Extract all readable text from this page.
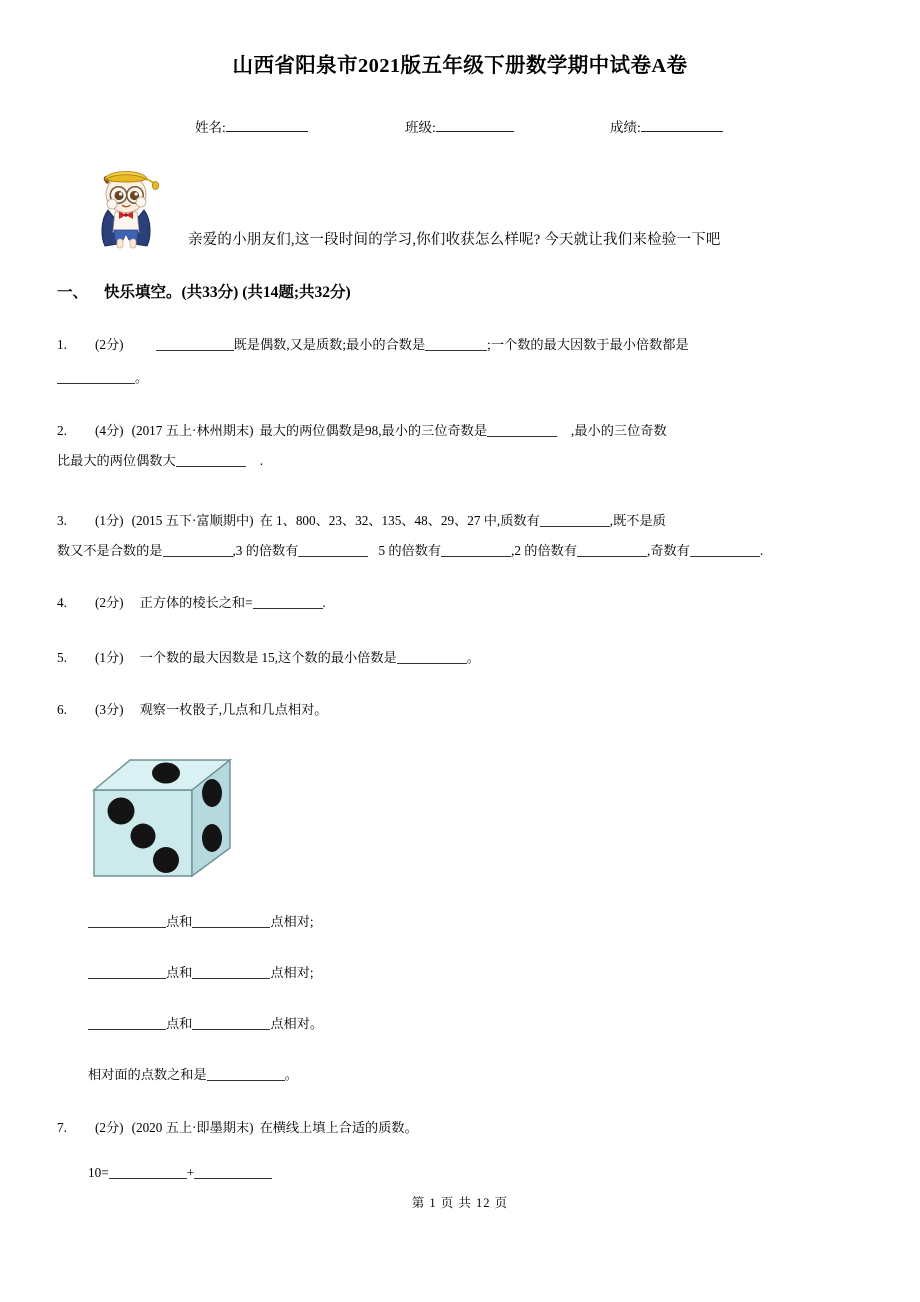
山西省阳泉市2021版五年级下册数学期中试卷A卷
姓名:	班级:	成绩:
亲爱的小朋友们,这一段时间的学习,你们收获怎么样呢? 今天就让我们来检验一下吧
一、 快乐填空。(共33分) (共14题;共32分)
1. (2分)	既是偶数,又是质数;最小的合数是	;一个数的最大因数于最小倍数都是
。
2. (4分) (2017 五上·林州期末) 最大的两位偶数是98,最小的三位奇数是	,最小的三位奇数
比最大的两位偶数大	.
3. (1分) (2015 五下·富顺期中) 在 1、800、23、32、135、48、29、27 中,质数有	,既不是质
数又不是合数的是	,3 的倍数有	5 的倍数有	,2 的倍数有	,奇数有	.
4. (2分) 正方体的棱长之和=	.
5. (1分) 一个数的最大因数是 15,这个数的最小倍数是	。
6. (3分) 观察一枚骰子,几点和几点相对。
点和	点相对;
点和	点相对;
点和	点相对。
相对面的点数之和是	。
7. (2分) (2020 五上·即墨期末) 在横线上填上合适的质数。
10=	+
第 1 页 共 12 页
